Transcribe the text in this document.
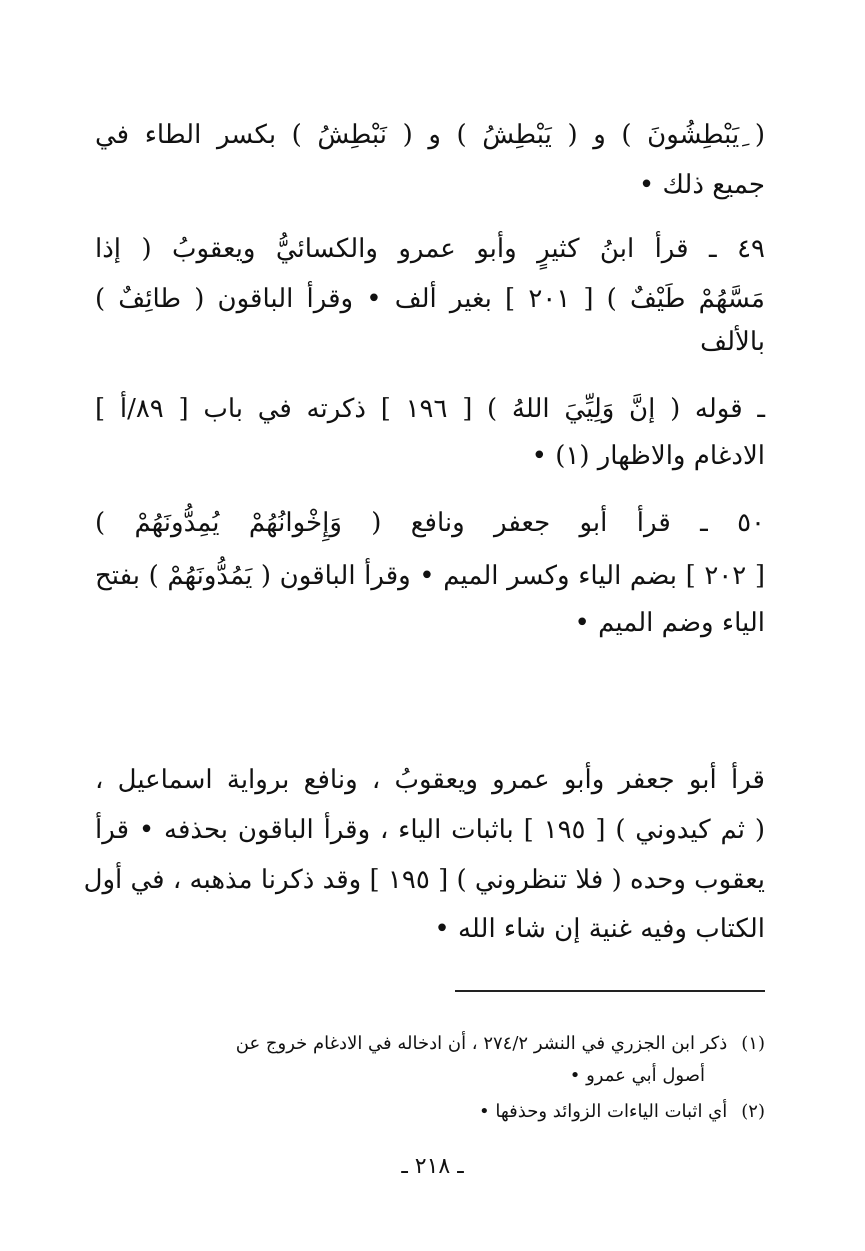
( ‌‏ِيَبْطِشُونَ ) و ( يَبْطِشُ ) و ( نَبْطِشُ ) بكسر الطاء في
جميع ذلك •
٤٩ ـ قرأ ابنُ كثيرٍ وأبو عمرو والكسائيُّ ويعقوبُ ( إذا
مَسَّهُمْ طَيْفٌ ) [ ٢٠١ ] بغير ألف • وقرأ الباقون ( طائِفٌ )
بالألف
ـ قوله ( إنَّ وَلِيِّيَ اللهُ ) [ ١٩٦ ] ذكرته في باب [ ٨٩/أ ]
الادغام والاظهار (١) •
٥٠ ـ قرأ أبو جعفر ونافع ( وَإِخْوانُهُمْ يُمِدُّونَهُمْ )
[ ٢٠٢ ] بضم الياء وكسر الميم • وقرأ الباقون ( يَمُدُّونَهُمْ ) بفتح
الياء وضم الميم •
قرأ أبو جعفر وأبو عمرو ويعقوبُ ، ونافع برواية اسماعيل ،
( ثم كيدوني ) [ ١٩٥ ] باثبات الياء ، وقرأ الباقون بحذفه • قرأ
يعقوب وحده ( فلا تنظروني ) [ ١٩٥ ] وقد ذكرنا مذهبه ، في أول
الكتاب وفيه غنية إن شاء الله •
(١)ذكر ابن الجزري في النشر ٢٧٤/٢ ، أن ادخاله في الادغام خروج عن
أصول أبي عمرو •
(٢)أي اثبات الياءات الزوائد وحذفها •
ـ ٢١٨ ـ
